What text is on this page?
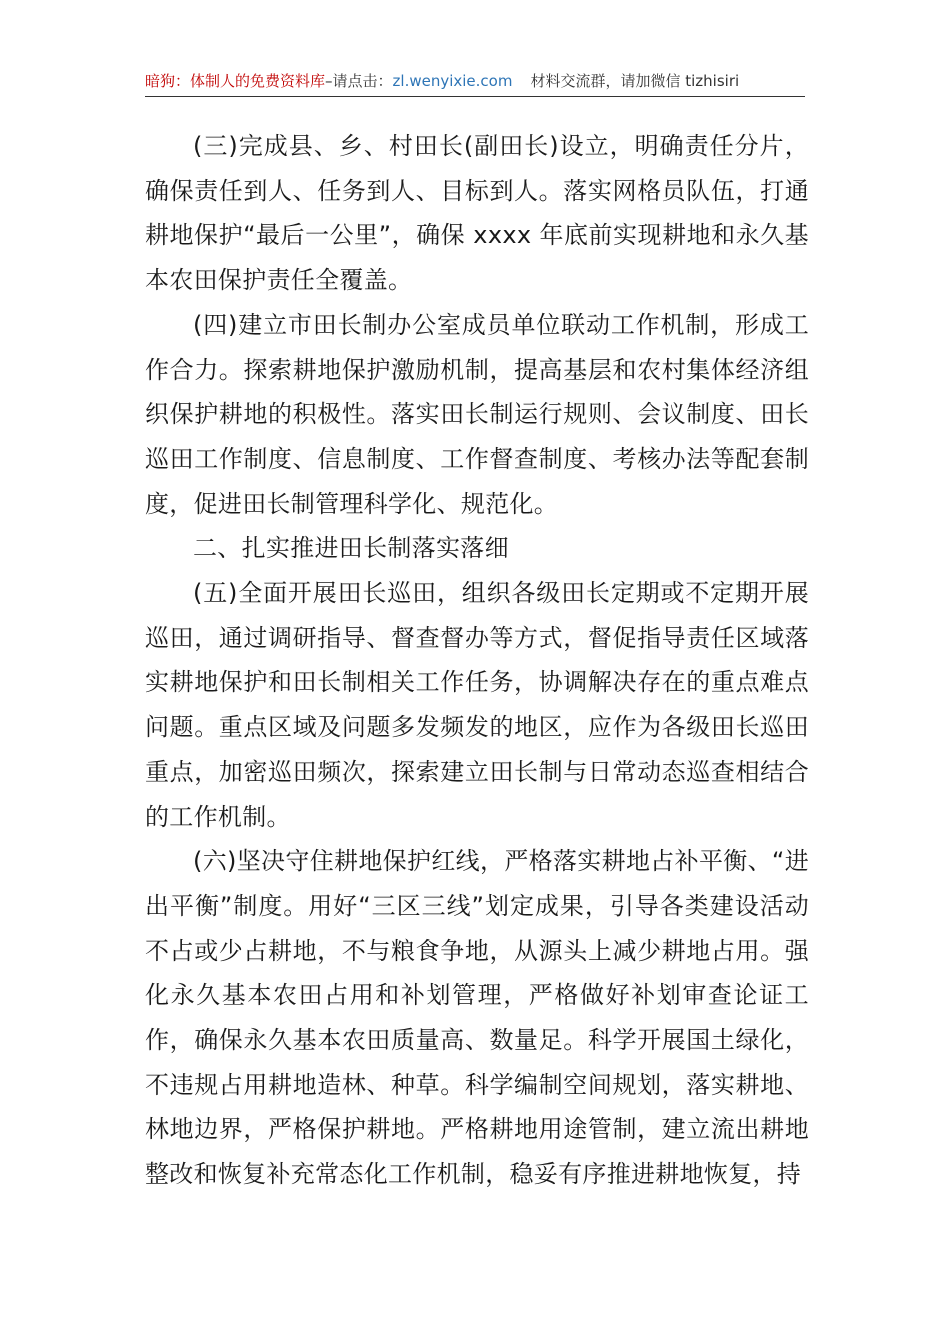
暗狗：体制人的免费资料库–请点击：zl.wenyixie.com 材料交流群，请加微信 tizhisiri

(三)完成县、乡、村田长(副田长)设立，明确责任分片，确保责任到人、任务到人、目标到人。落实网格员队伍，打通耕地保护“最后一公里”，确保 xxxx 年底前实现耕地和永久基本农田保护责任全覆盖。

(四)建立市田长制办公室成员单位联动工作机制，形成工作合力。探索耕地保护激励机制，提高基层和农村集体经济组织保护耕地的积极性。落实田长制运行规则、会议制度、田长巡田工作制度、信息制度、工作督查制度、考核办法等配套制度，促进田长制管理科学化、规范化。

二、扎实推进田长制落实落细

(五)全面开展田长巡田，组织各级田长定期或不定期开展巡田，通过调研指导、督查督办等方式，督促指导责任区域落实耕地保护和田长制相关工作任务，协调解决存在的重点难点问题。重点区域及问题多发频发的地区，应作为各级田长巡田重点，加密巡田频次，探索建立田长制与日常动态巡查相结合的工作机制。

(六)坚决守住耕地保护红线，严格落实耕地占补平衡、“进出平衡”制度。用好“三区三线”划定成果，引导各类建设活动不占或少占耕地，不与粮食争地，从源头上减少耕地占用。强化永久基本农田占用和补划管理，严格做好补划审查论证工作，确保永久基本农田质量高、数量足。科学开展国土绿化，不违规占用耕地造林、种草。科学编制空间规划，落实耕地、林地边界，严格保护耕地。严格耕地用途管制，建立流出耕地整改和恢复补充常态化工作机制，稳妥有序推进耕地恢复，持
